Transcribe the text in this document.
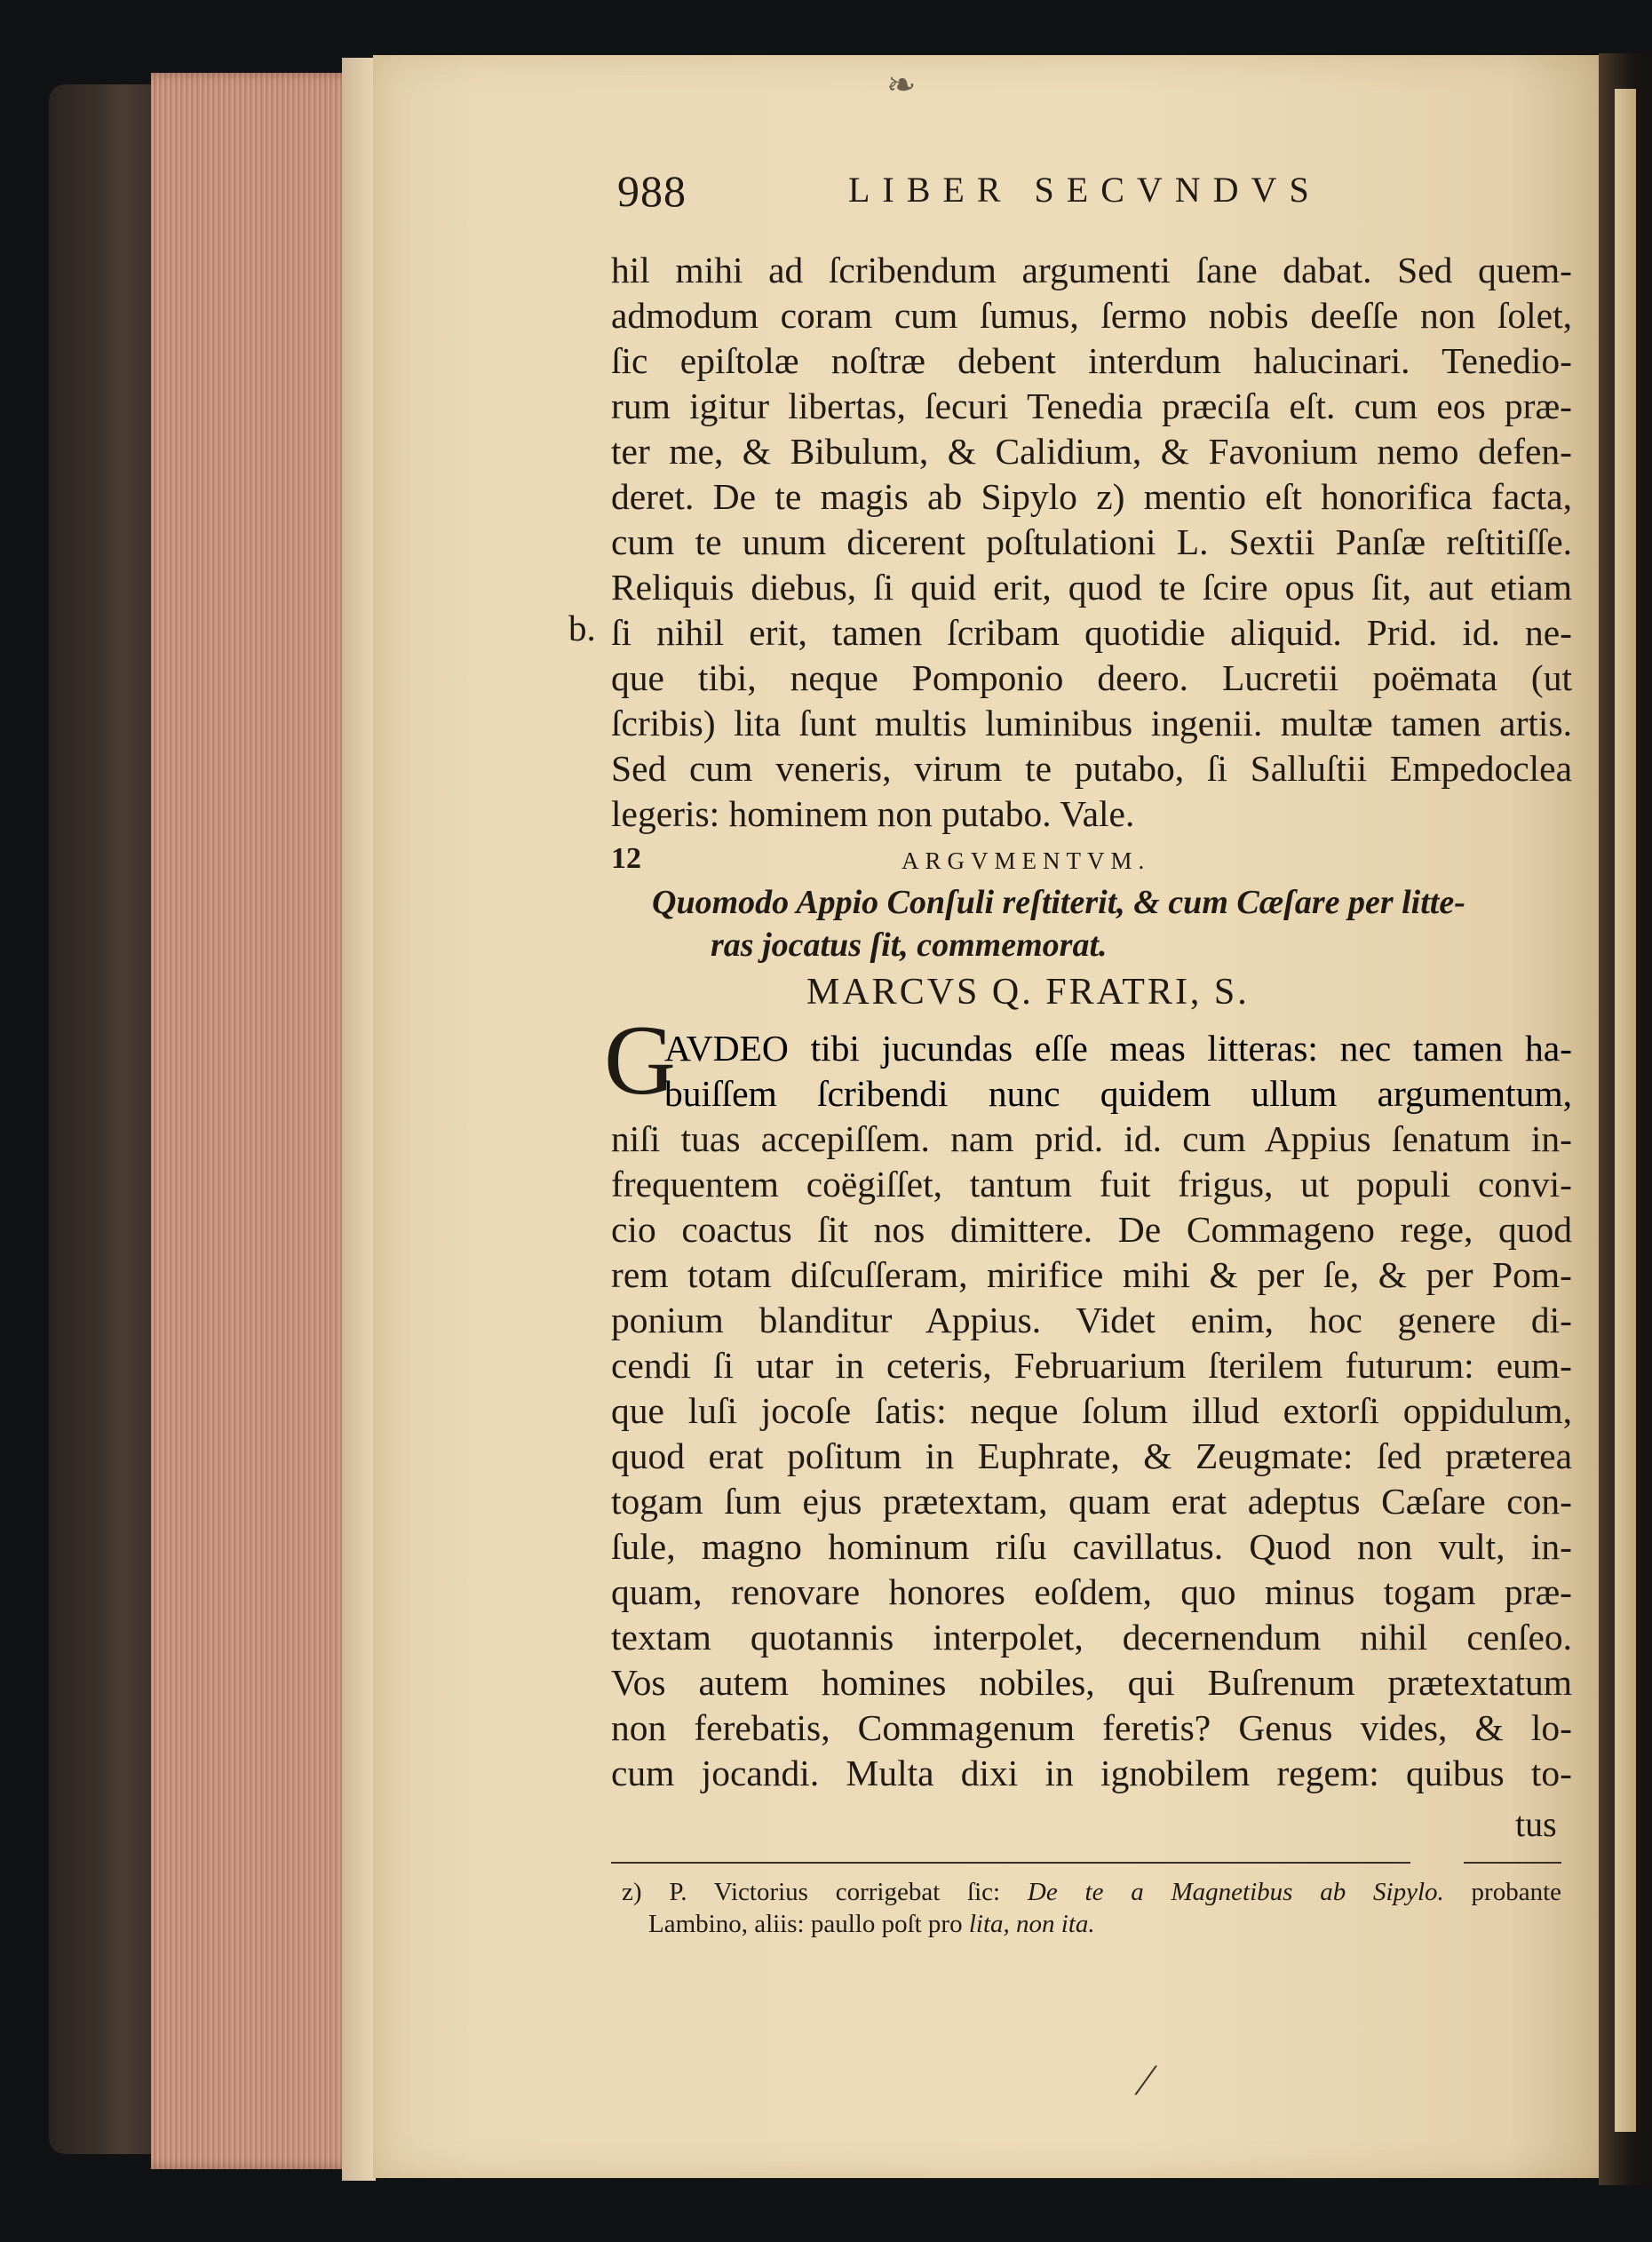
❧
988	LIBER SECVNDVS
hil mihi ad ſcribendum argumenti ſane dabat. Sed quem-
admodum coram cum ſumus, ſermo nobis deeſſe non ſolet,
ſic epiſtolæ noſtræ debent interdum halucinari. Tenedio-
rum igitur libertas, ſecuri Tenedia præciſa eſt. cum eos præ-
ter me, & Bibulum, & Calidium, & Favonium nemo defen-
deret. De te magis ab Sipylo z) mentio eſt honorifica facta,
cum te unum dicerent poſtulationi L. Sextii Panſæ reſtitiſſe.
Reliquis diebus, ſi quid erit, quod te ſcire opus ſit, aut etiam
ſi nihil erit, tamen ſcribam quotidie aliquid. Prid. id. ne-
que tibi, neque Pomponio deero. Lucretii poëmata (ut
ſcribis) lita ſunt multis luminibus ingenii. multæ tamen artis.
Sed cum veneris, virum te putabo, ſi Salluſtii Empedoclea
legeris: hominem non putabo. Vale.
b.
12	ARGVMENTVM.
Quomodo Appio Conſuli reſtiterit, & cum Cæſare per litte-
ras jocatus ſit, commemorat.
MARCVS Q. FRATRI, S.
G
AVDEO tibi jucundas eſſe meas litteras: nec tamen ha-
buiſſem ſcribendi nunc quidem ullum argumentum,
niſi tuas accepiſſem. nam prid. id. cum Appius ſenatum in-
frequentem coëgiſſet, tantum fuit frigus, ut populi convi-
cio coactus ſit nos dimittere. De Commageno rege, quod
rem totam diſcuſſeram, mirifice mihi & per ſe, & per Pom-
ponium blanditur Appius. Videt enim, hoc genere di-
cendi ſi utar in ceteris, Februarium ſterilem futurum: eum-
que luſi jocoſe ſatis: neque ſolum illud extorſi oppidulum,
quod erat poſitum in Euphrate, & Zeugmate: ſed præterea
togam ſum ejus prætextam, quam erat adeptus Cæſare con-
ſule, magno hominum riſu cavillatus. Quod non vult, in-
quam, renovare honores eoſdem, quo minus togam præ-
textam quotannis interpolet, decernendum nihil cenſeo.
Vos autem homines nobiles, qui Buſrenum prætextatum
non ferebatis, Commagenum feretis? Genus vides, & lo-
cum jocandi. Multa dixi in ignobilem regem: quibus to-
tus
z) P. Victorius corrigebat ſic: De te a Magnetibus ab Sipylo. probante
Lambino, aliis: paullo poſt pro lita, non ita.
⁄
